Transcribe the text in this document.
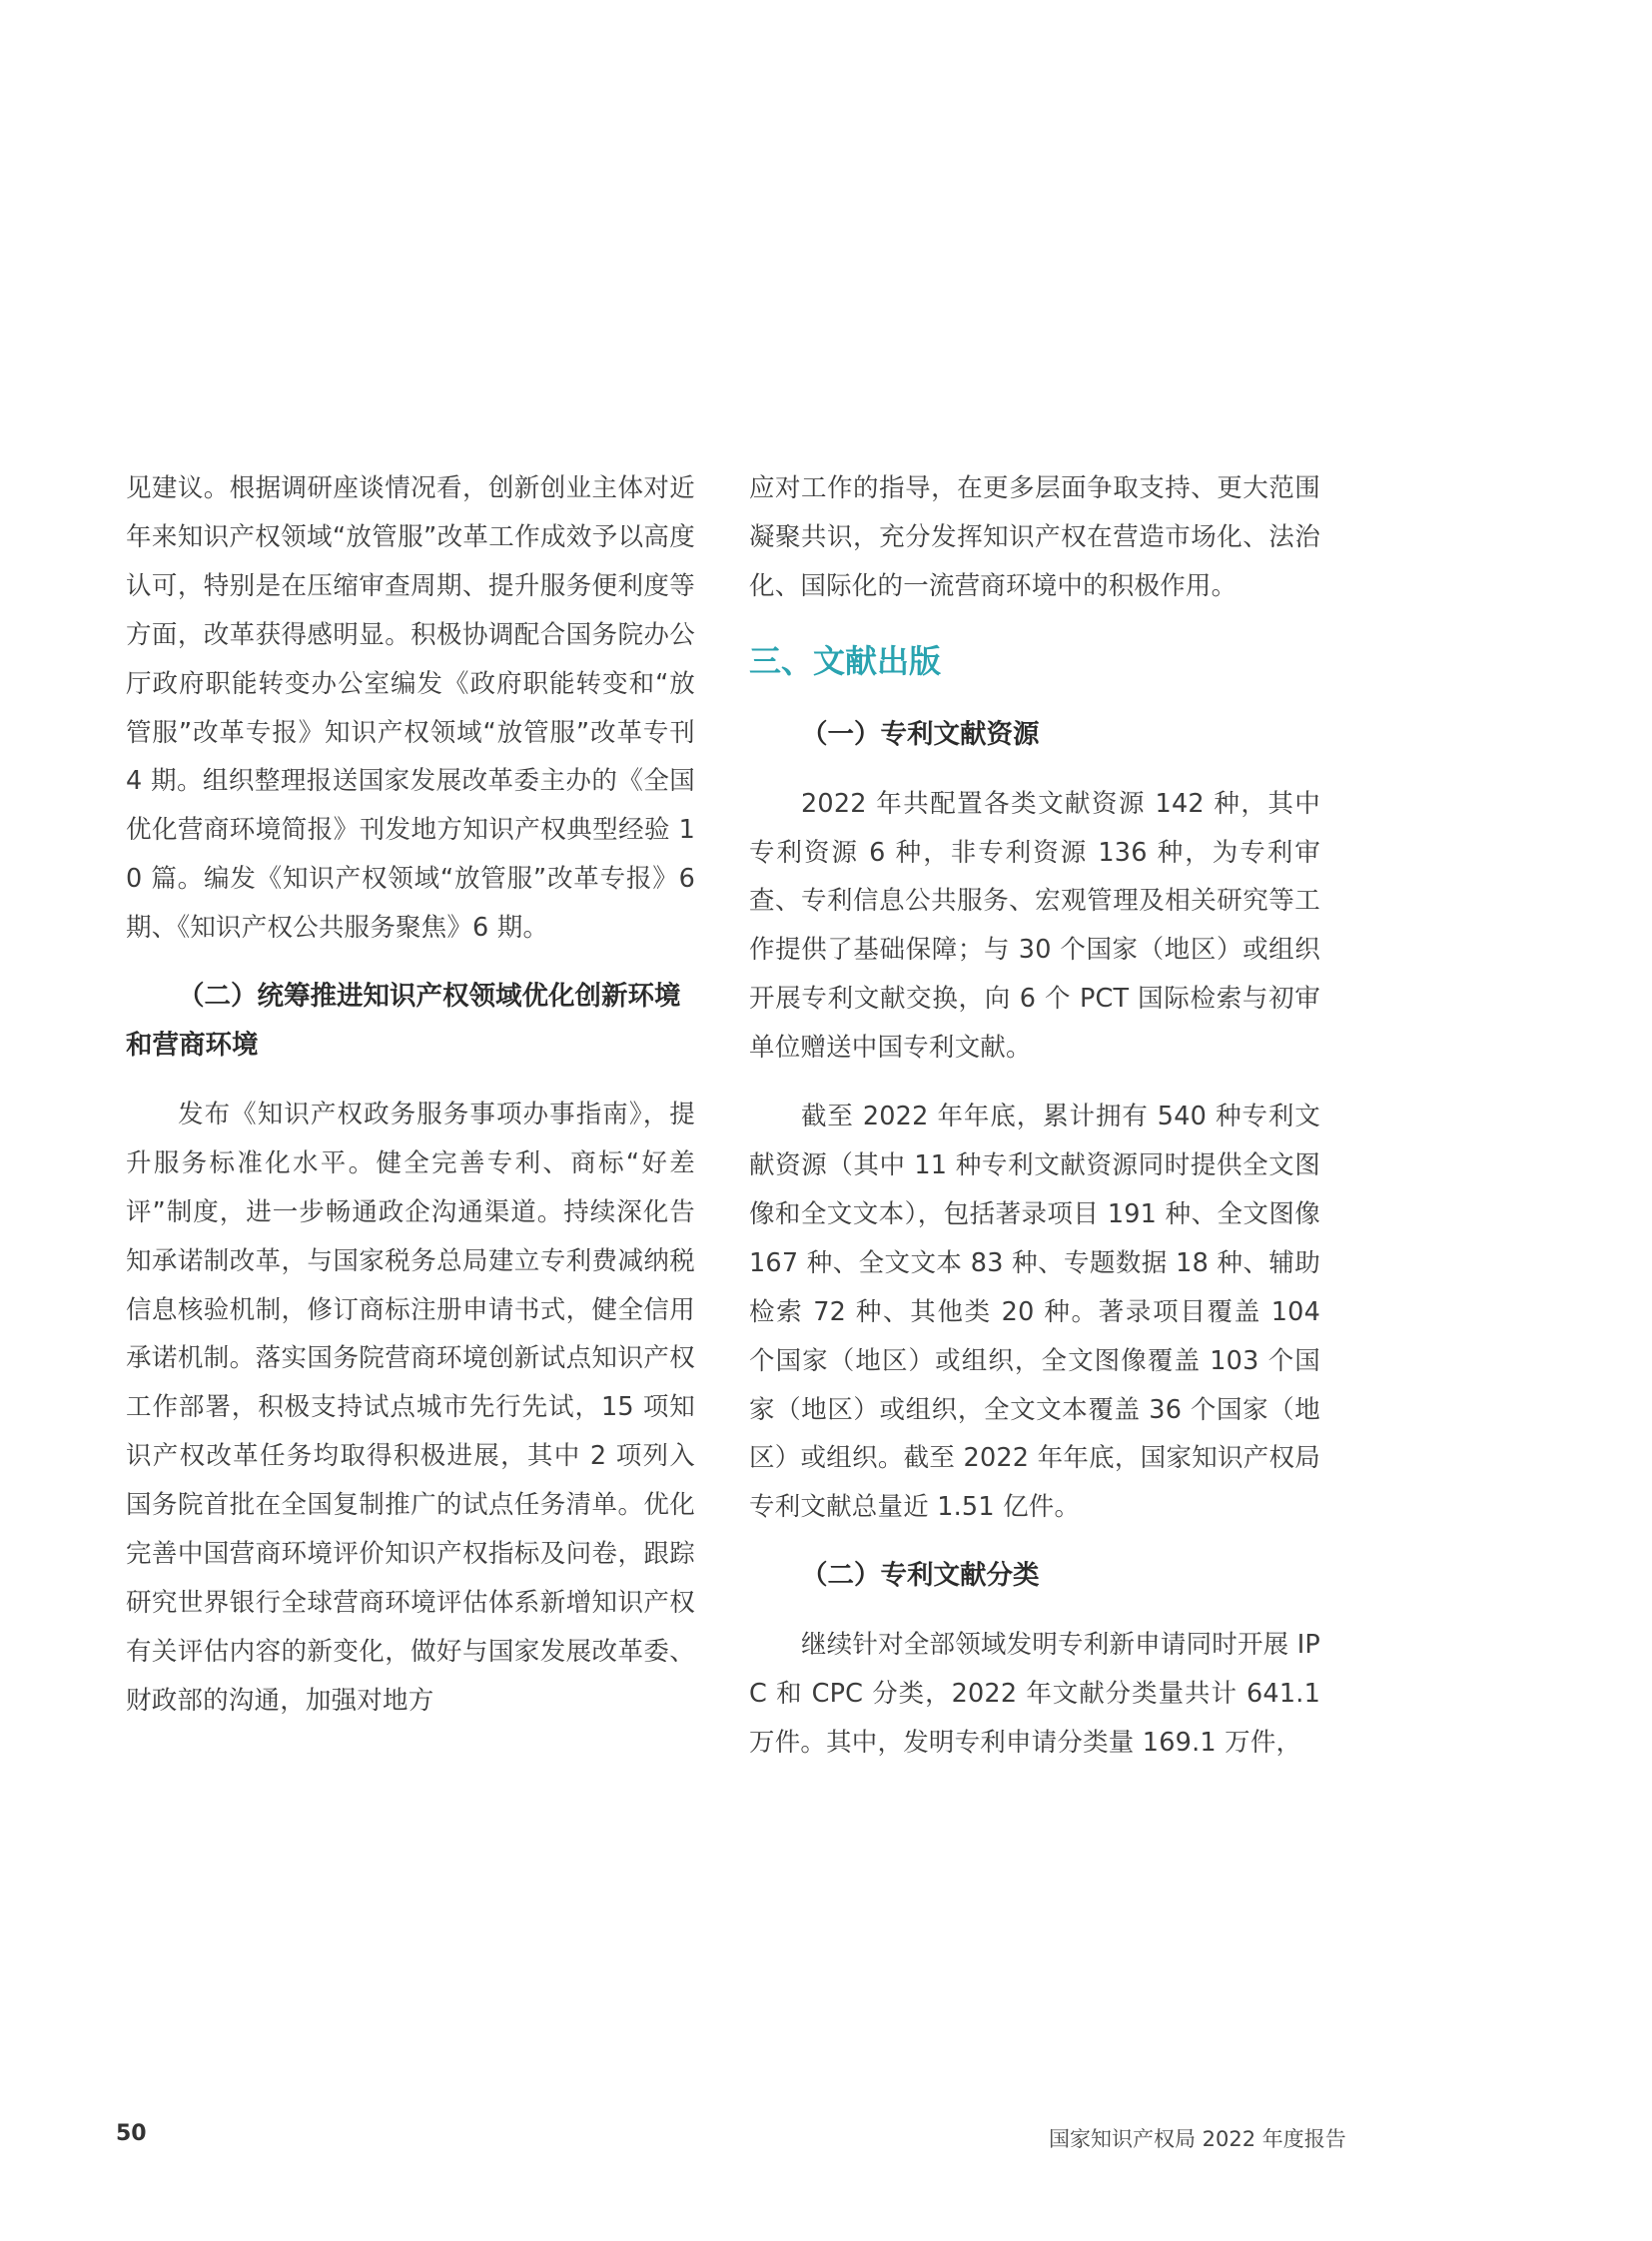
见建议。根据调研座谈情况看，创新创业主体对近年来知识产权领域“放管服”改革工作成效予以高度认可，特别是在压缩审查周期、提升服务便利度等方面，改革获得感明显。积极协调配合国务院办公厅政府职能转变办公室编发《政府职能转变和“放管服”改革专报》知识产权领域“放管服”改革专刊 4 期。组织整理报送国家发展改革委主办的《全国优化营商环境简报》刊发地方知识产权典型经验 10 篇。编发《知识产权领域“放管服”改革专报》6 期、《知识产权公共服务聚焦》6 期。

（二）统筹推进知识产权领域优化创新环境和营商环境

发布《知识产权政务服务事项办事指南》，提升服务标准化水平。健全完善专利、商标“好差评”制度，进一步畅通政企沟通渠道。持续深化告知承诺制改革，与国家税务总局建立专利费减纳税信息核验机制，修订商标注册申请书式，健全信用承诺机制。落实国务院营商环境创新试点知识产权工作部署，积极支持试点城市先行先试，15 项知识产权改革任务均取得积极进展，其中 2 项列入国务院首批在全国复制推广的试点任务清单。优化完善中国营商环境评价知识产权指标及问卷，跟踪研究世界银行全球营商环境评估体系新增知识产权有关评估内容的新变化，做好与国家发展改革委、财政部的沟通，加强对地方

应对工作的指导，在更多层面争取支持、更大范围凝聚共识，充分发挥知识产权在营造市场化、法治化、国际化的一流营商环境中的积极作用。

三、文献出版

（一）专利文献资源

2022 年共配置各类文献资源 142 种，其中专利资源 6 种，非专利资源 136 种，为专利审查、专利信息公共服务、宏观管理及相关研究等工作提供了基础保障；与 30 个国家（地区）或组织开展专利文献交换，向 6 个 PCT 国际检索与初审单位赠送中国专利文献。

截至 2022 年年底，累计拥有 540 种专利文献资源（其中 11 种专利文献资源同时提供全文图像和全文文本），包括著录项目 191 种、全文图像 167 种、全文文本 83 种、专题数据 18 种、辅助检索 72 种、其他类 20 种。著录项目覆盖 104 个国家（地区）或组织，全文图像覆盖 103 个国家（地区）或组织，全文文本覆盖 36 个国家（地区）或组织。截至 2022 年年底，国家知识产权局专利文献总量近 1.51 亿件。

（二）专利文献分类

继续针对全部领域发明专利新申请同时开展 IPC 和 CPC 分类，2022 年文献分类量共计 641.1 万件。其中，发明专利申请分类量 169.1 万件，

50	国家知识产权局 2022 年度报告
